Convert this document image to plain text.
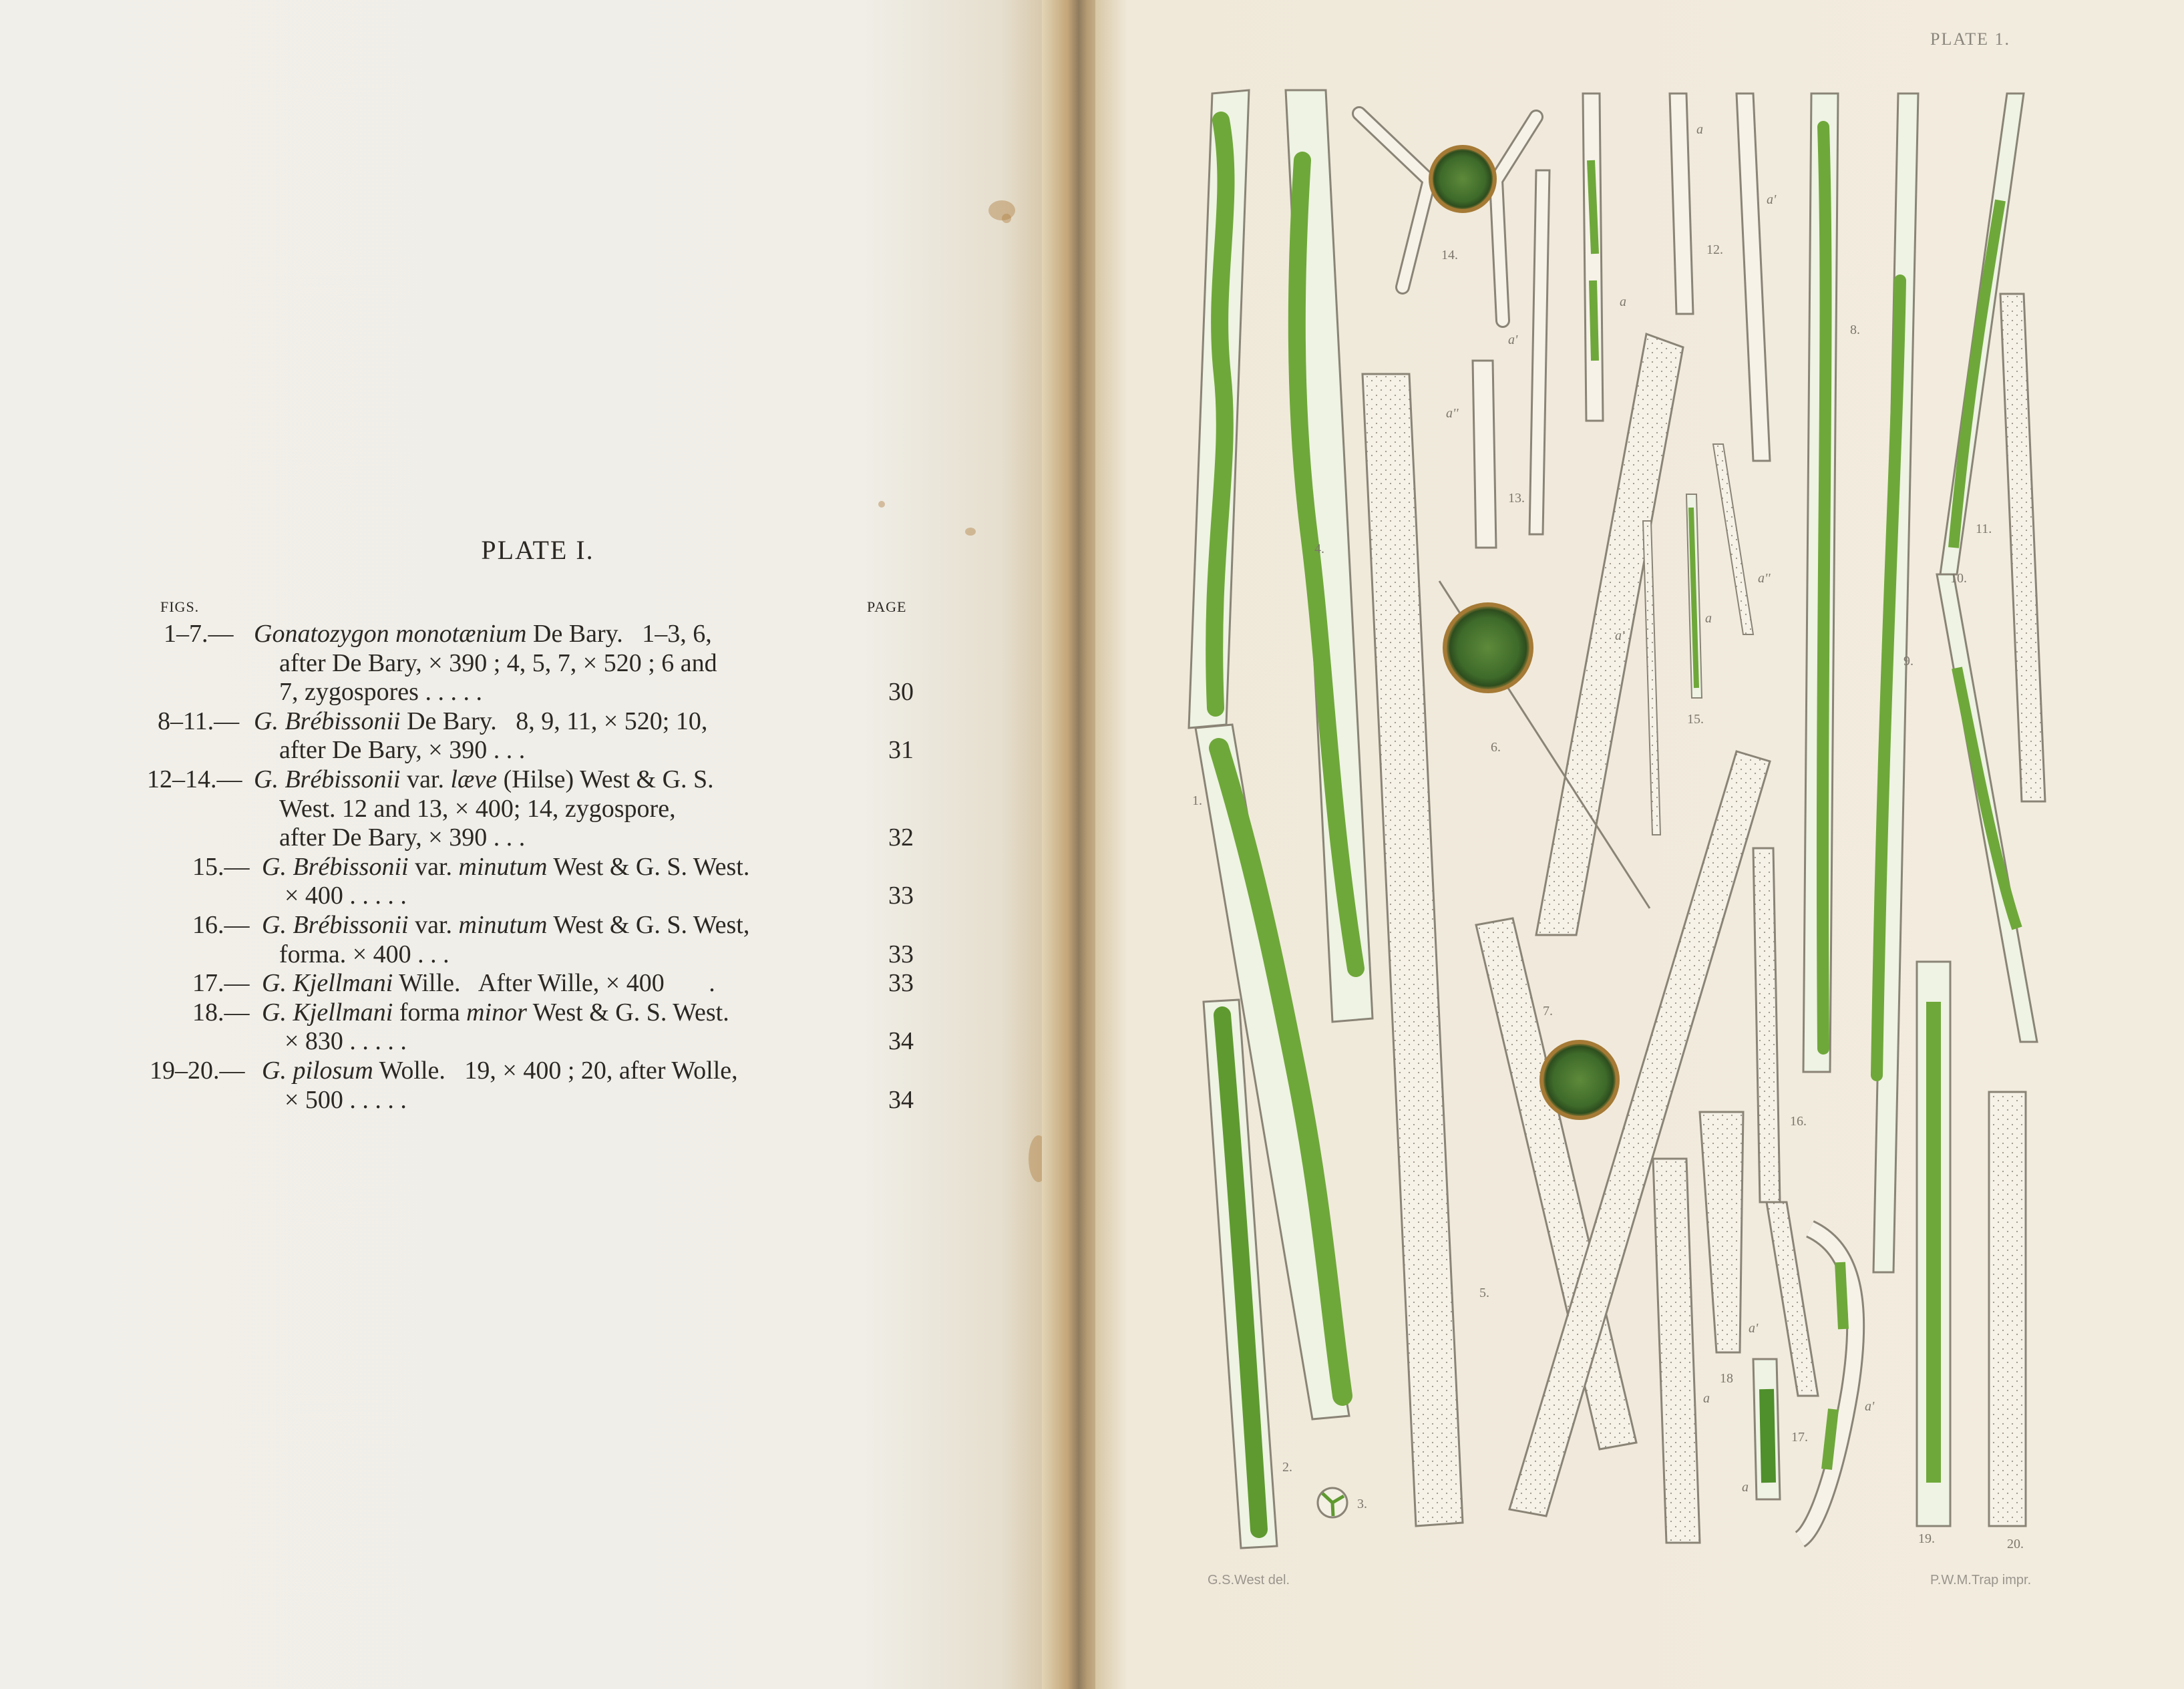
PLATE I.
FIGS.	PAGE
1–7.— Gonatozygon monotænium De Bary.   1–3, 6,
after De Bary, × 390 ; 4, 5, 7, × 520 ; 6 and
7, zygospores . . . . .	30
8–11.— G. Brébissonii De Bary.   8, 9, 11, × 520; 10,
after De Bary, × 390 . . .	31
12–14.— G. Brébissonii var. læve (Hilse) West & G. S.
West. 12 and 13, × 400; 14, zygospore,
after De Bary, × 390 . . .	32
15.— G. Brébissonii var. minutum West & G. S. West.
× 400 . . . . .	33
16.— G. Brébissonii var. minutum West & G. S. West,
forma. × 400 . . .	33
17.— G. Kjellmani Wille.   After Wille, × 400       .	33
18.— G. Kjellmani forma minor West & G. S. West.
× 830 . . . . .	34
19–20.— G. pilosum Wolle.   19, × 400 ; 20, after Wolle,
× 500 . . . . .	34
PLATE 1.
1.
2.
3.
4.
5.
6.
7.
8.
9.
10.
11.
12.
13.
14.
15.
16.
17.
18
19.	20.
a
a'
a'
a''
a
a'
a
a''
a'
a
a
a'
G.S.West del.	P.W.M.Trap impr.
